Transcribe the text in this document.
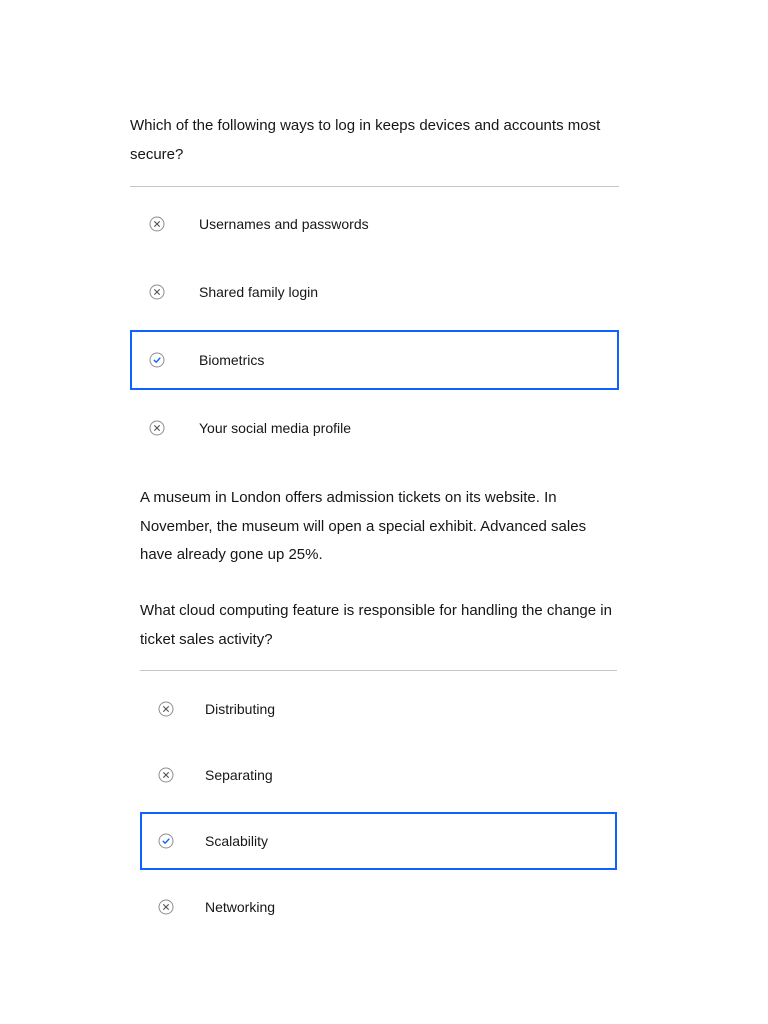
Which of the following ways to log in keeps devices and accounts most secure?

Usernames and passwords
Shared family login
Biometrics
Your social media profile

A museum in London offers admission tickets on its website. In November, the museum will open a special exhibit. Advanced sales have already gone up 25%.

What cloud computing feature is responsible for handling the change in ticket sales activity?

Distributing
Separating
Scalability
Networking
